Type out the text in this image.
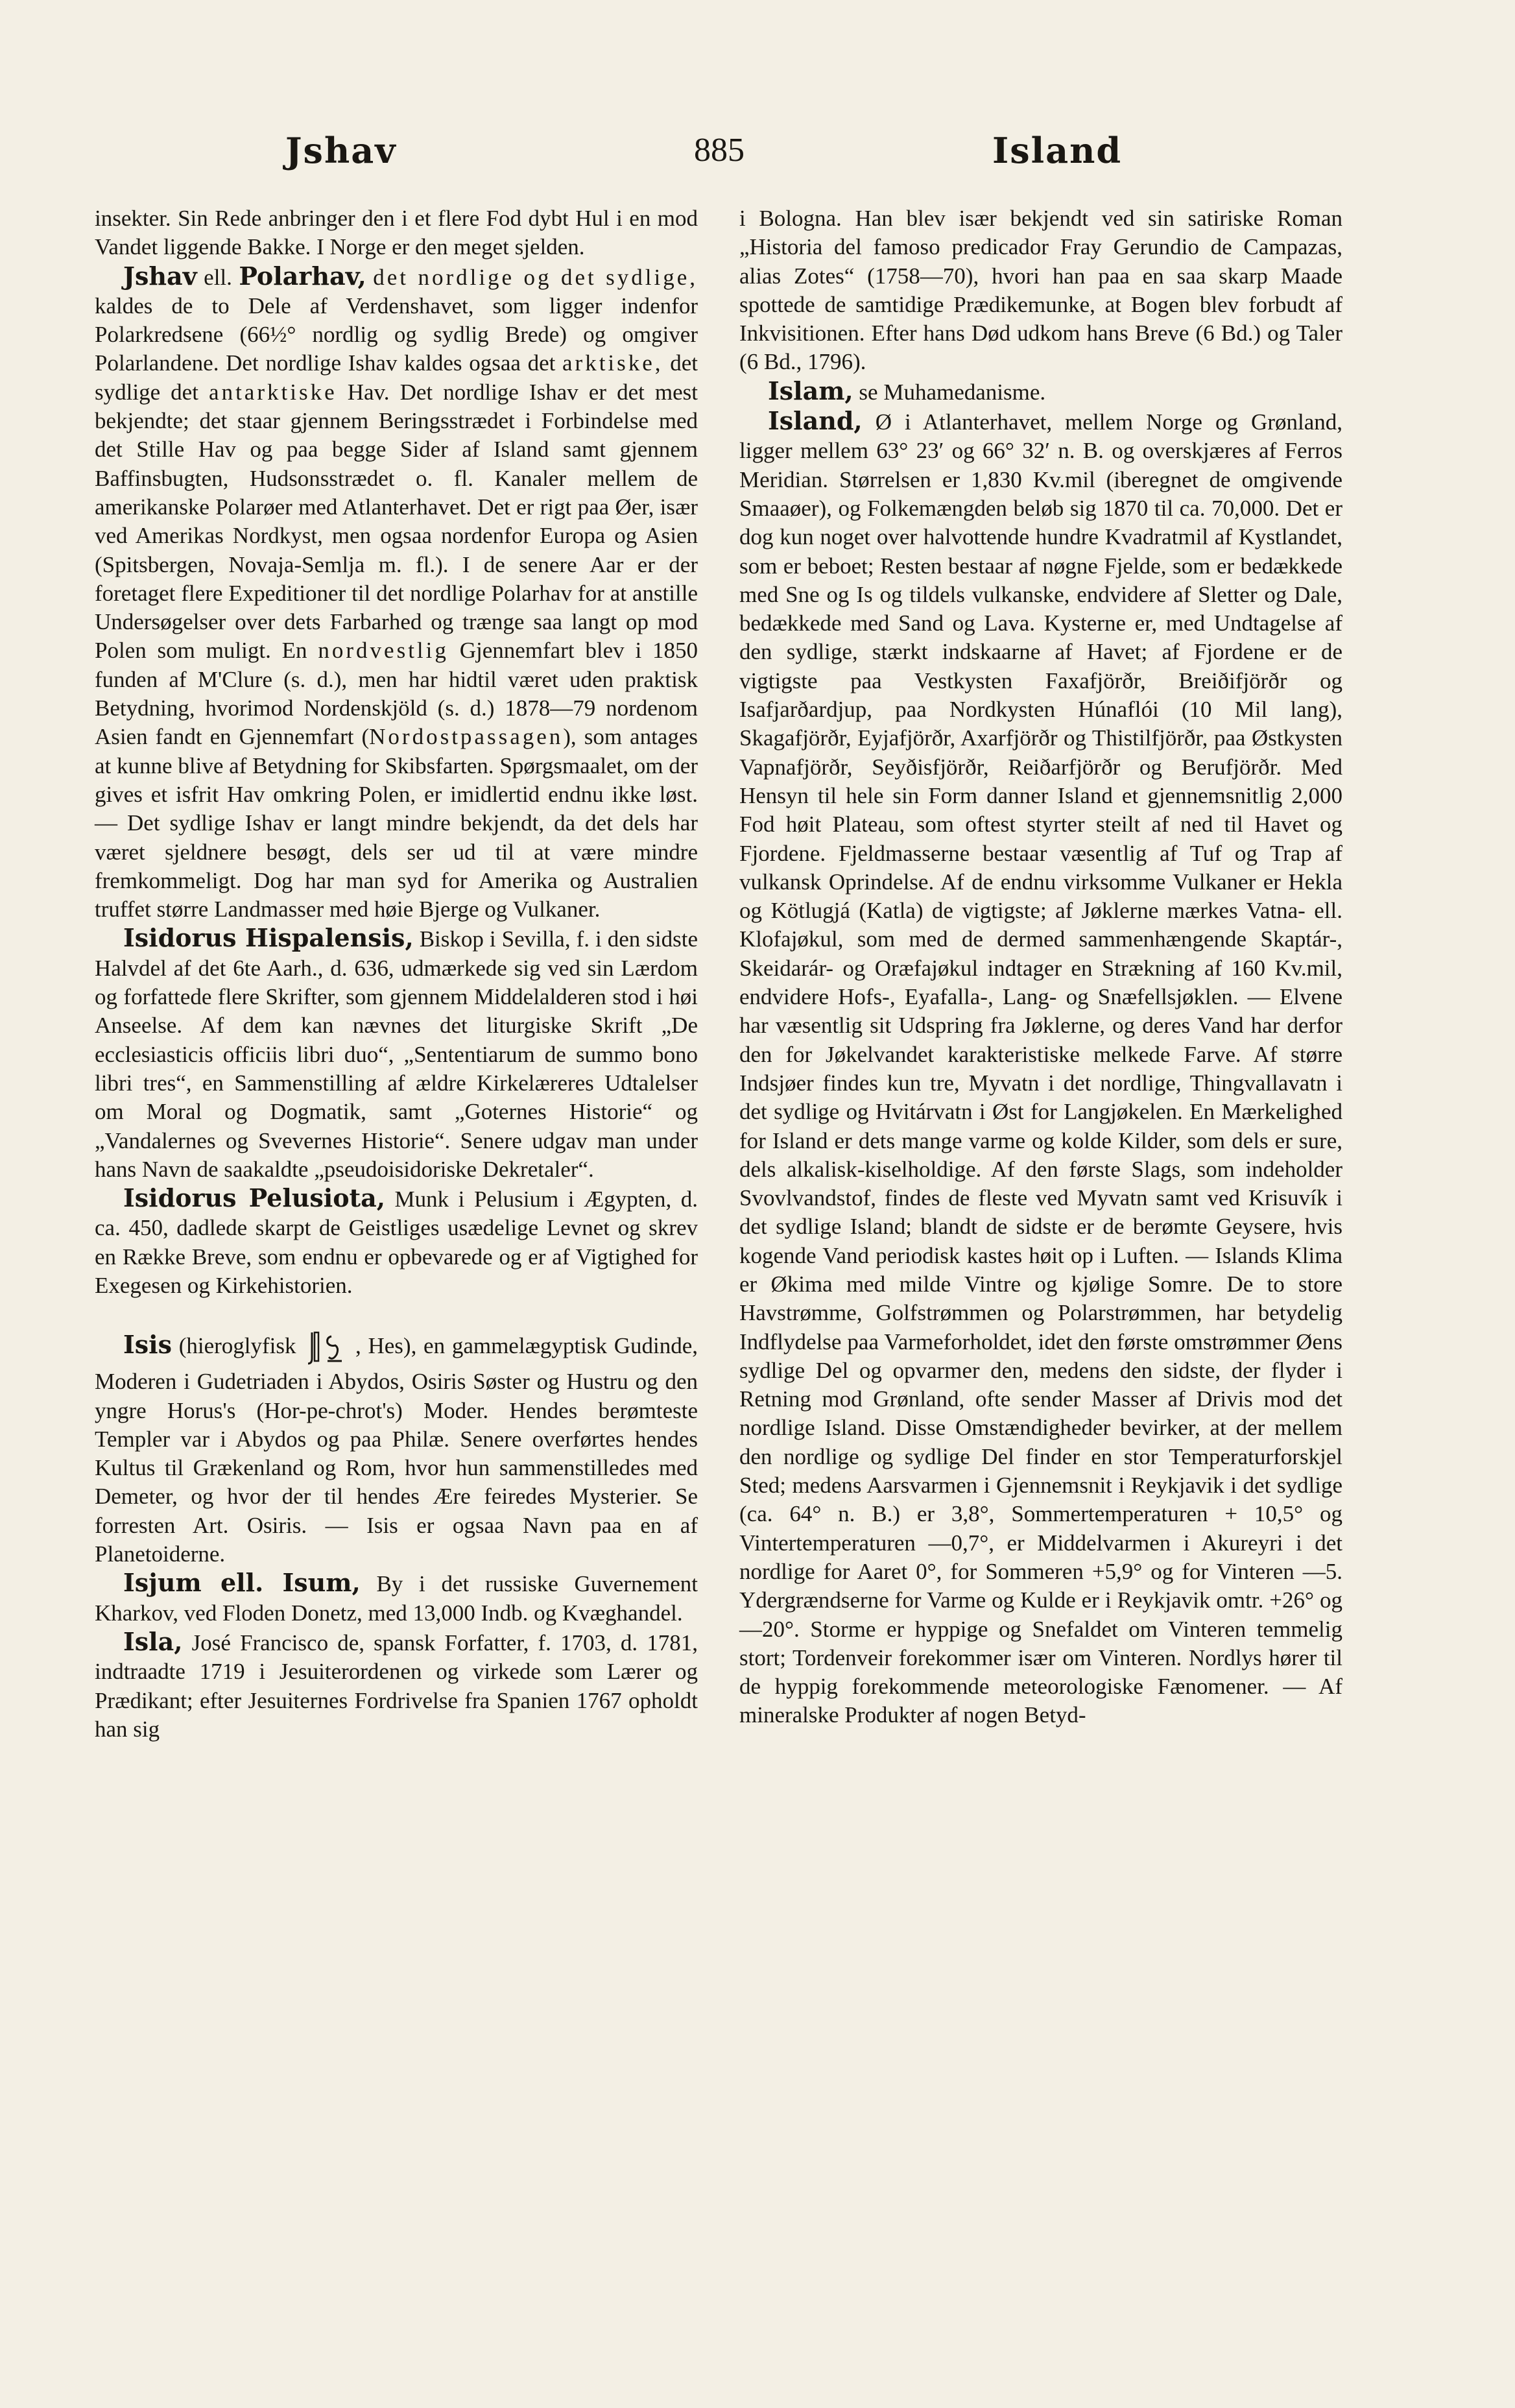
Jshav	885	Island

insekter. Sin Rede anbringer den i et flere Fod dybt Hul i en mod Vandet liggende Bakke. I Norge er den meget sjelden.

Jshav ell. Polarhav, det nordlige og det sydlige, kaldes de to Dele af Verdenshavet, som ligger indenfor Polarkredsene (66½° nordlig og sydlig Brede) og omgiver Polarlandene. Det nordlige Ishav kaldes ogsaa det arktiske, det sydlige det antarktiske Hav. Det nordlige Ishav er det mest bekjendte; det staar gjennem Beringsstrædet i Forbindelse med det Stille Hav og paa begge Sider af Island samt gjennem Baffinsbugten, Hudsonsstrædet o. fl. Kanaler mellem de amerikanske Polarøer med Atlanterhavet. Det er rigt paa Øer, især ved Amerikas Nordkyst, men ogsaa nordenfor Europa og Asien (Spitsbergen, Novaja-Semlja m. fl.). I de senere Aar er der foretaget flere Expeditioner til det nordlige Polarhav for at anstille Undersøgelser over dets Farbarhed og trænge saa langt op mod Polen som muligt. En nordvestlig Gjennemfart blev i 1850 funden af M'Clure (s. d.), men har hidtil været uden praktisk Betydning, hvorimod Nordenskjöld (s. d.) 1878—79 nordenom Asien fandt en Gjennemfart (Nordostpassagen), som antages at kunne blive af Betydning for Skibsfarten. Spørgsmaalet, om der gives et isfrit Hav omkring Polen, er imidlertid endnu ikke løst. — Det sydlige Ishav er langt mindre bekjendt, da det dels har været sjeldnere besøgt, dels ser ud til at være mindre fremkommeligt. Dog har man syd for Amerika og Australien truffet større Landmasser med høie Bjerge og Vulkaner.

Isidorus Hispalensis, Biskop i Sevilla, f. i den sidste Halvdel af det 6te Aarh., d. 636, udmærkede sig ved sin Lærdom og forfattede flere Skrifter, som gjennem Middelalderen stod i høi Anseelse. Af dem kan nævnes det liturgiske Skrift „De ecclesiasticis officiis libri duo“, „Sententiarum de summo bono libri tres“, en Sammenstilling af ældre Kirkelæreres Udtalelser om Moral og Dogmatik, samt „Goternes Historie“ og „Vandalernes og Svevernes Historie“. Senere udgav man under hans Navn de saakaldte „pseudoisidoriske Dekretaler“.

Isidorus Pelusiota, Munk i Pelusium i Ægypten, d. ca. 450, dadlede skarpt de Geistliges usædelige Levnet og skrev en Række Breve, som endnu er opbevarede og er af Vigtighed for Exegesen og Kirkehistorien.

Isis (hieroglyfisk	, Hes), en gammelægyptisk Gudinde, Moderen i Gudetriaden i Abydos, Osiris Søster og Hustru og den yngre Horus's (Hor-pe-chrot's) Moder. Hendes berømteste Templer var i Abydos og paa Philæ. Senere overførtes hendes Kultus til Grækenland og Rom, hvor hun sammenstilledes med Demeter, og hvor der til hendes Ære feiredes Mysterier. Se forresten Art. Osiris. — Isis er ogsaa Navn paa en af Planetoiderne.

Isjum ell. Isum, By i det russiske Guvernement Kharkov, ved Floden Donetz, med 13,000 Indb. og Kvæghandel.

Isla, José Francisco de, spansk Forfatter, f. 1703, d. 1781, indtraadte 1719 i Jesuiterordenen og virkede som Lærer og Prædikant; efter Jesuiternes Fordrivelse fra Spanien 1767 opholdt han sig

i Bologna. Han blev især bekjendt ved sin satiriske Roman „Historia del famoso predicador Fray Gerundio de Campazas, alias Zotes“ (1758—70), hvori han paa en saa skarp Maade spottede de samtidige Prædikemunke, at Bogen blev forbudt af Inkvisitionen. Efter hans Død udkom hans Breve (6 Bd.) og Taler (6 Bd., 1796).

Islam, se Muhamedanisme.

Island, Ø i Atlanterhavet, mellem Norge og Grønland, ligger mellem 63° 23′ og 66° 32′ n. B. og overskjæres af Ferros Meridian. Størrelsen er 1,830 Kv.mil (iberegnet de omgivende Smaaøer), og Folkemængden beløb sig 1870 til ca. 70,000. Det er dog kun noget over halvottende hundre Kvadratmil af Kystlandet, som er beboet; Resten bestaar af nøgne Fjelde, som er bedækkede med Sne og Is og tildels vulkanske, endvidere af Sletter og Dale, bedækkede med Sand og Lava. Kysterne er, med Undtagelse af den sydlige, stærkt indskaarne af Havet; af Fjordene er de vigtigste paa Vestkysten Faxafjörðr, Breiðifjörðr og Isafjarðardjup, paa Nordkysten Húnaflói (10 Mil lang), Skagafjörðr, Eyjafjörðr, Axarfjörðr og Thistilfjörðr, paa Østkysten Vapnafjörðr, Seyðisfjörðr, Reiðarfjörðr og Berufjörðr. Med Hensyn til hele sin Form danner Island et gjennemsnitlig 2,000 Fod høit Plateau, som oftest styrter steilt af ned til Havet og Fjordene. Fjeldmasserne bestaar væsentlig af Tuf og Trap af vulkansk Oprindelse. Af de endnu virksomme Vulkaner er Hekla og Kötlugjá (Katla) de vigtigste; af Jøklerne mærkes Vatna- ell. Klofajøkul, som med de dermed sammenhængende Skaptár-, Skeidarár- og Oræfajøkul indtager en Strækning af 160 Kv.mil, endvidere Hofs-, Eyafalla-, Lang- og Snæfellsjøklen. — Elvene har væsentlig sit Udspring fra Jøklerne, og deres Vand har derfor den for Jøkelvandet karakteristiske melkede Farve. Af større Indsjøer findes kun tre, Myvatn i det nordlige, Thingvallavatn i det sydlige og Hvitárvatn i Øst for Langjøkelen. En Mærkelighed for Island er dets mange varme og kolde Kilder, som dels er sure, dels alkalisk-kiselholdige. Af den første Slags, som indeholder Svovlvandstof, findes de fleste ved Myvatn samt ved Krisuvík i det sydlige Island; blandt de sidste er de berømte Geysere, hvis kogende Vand periodisk kastes høit op i Luften. — Islands Klima er Økima med milde Vintre og kjølige Somre. De to store Havstrømme, Golfstrømmen og Polarstrømmen, har betydelig Indflydelse paa Varmeforholdet, idet den første omstrømmer Øens sydlige Del og opvarmer den, medens den sidste, der flyder i Retning mod Grønland, ofte sender Masser af Drivis mod det nordlige Island. Disse Omstændigheder bevirker, at der mellem den nordlige og sydlige Del finder en stor Temperaturforskjel Sted; medens Aarsvarmen i Gjennemsnit i Reykjavik i det sydlige (ca. 64° n. B.) er 3,8°, Sommertemperaturen + 10,5° og Vintertemperaturen —0,7°, er Middelvarmen i Akureyri i det nordlige for Aaret 0°, for Sommeren +5,9° og for Vinteren —5. Ydergrændserne for Varme og Kulde er i Reykjavik omtr. +26° og —20°. Storme er hyppige og Snefaldet om Vinteren temmelig stort; Tordenveir forekommer især om Vinteren. Nordlys hører til de hyppig forekommende meteorologiske Fænomener. — Af mineralske Produkter af nogen Betyd-
